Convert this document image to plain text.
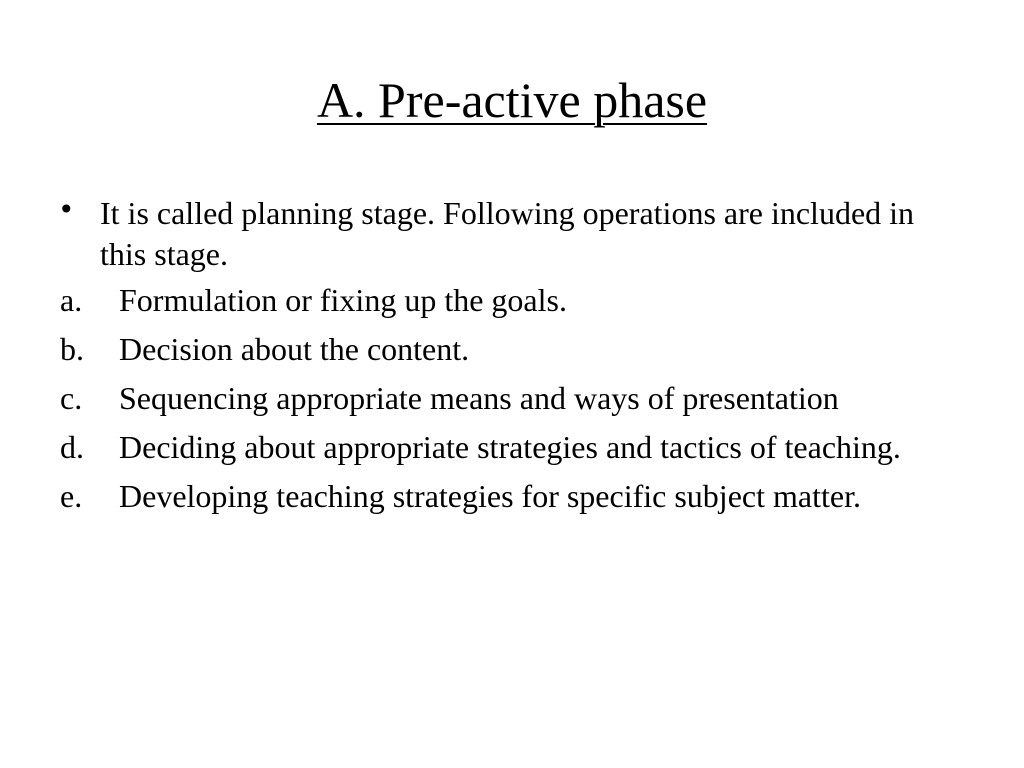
A. Pre-active phase
• It is called planning stage. Following operations are included in this stage.
a.	Formulation or fixing up the goals.
b.	Decision about the content.
c.	Sequencing appropriate means and ways of presentation
d.	Deciding about appropriate strategies and tactics of teaching.
e.	Developing teaching strategies for specific subject matter.
